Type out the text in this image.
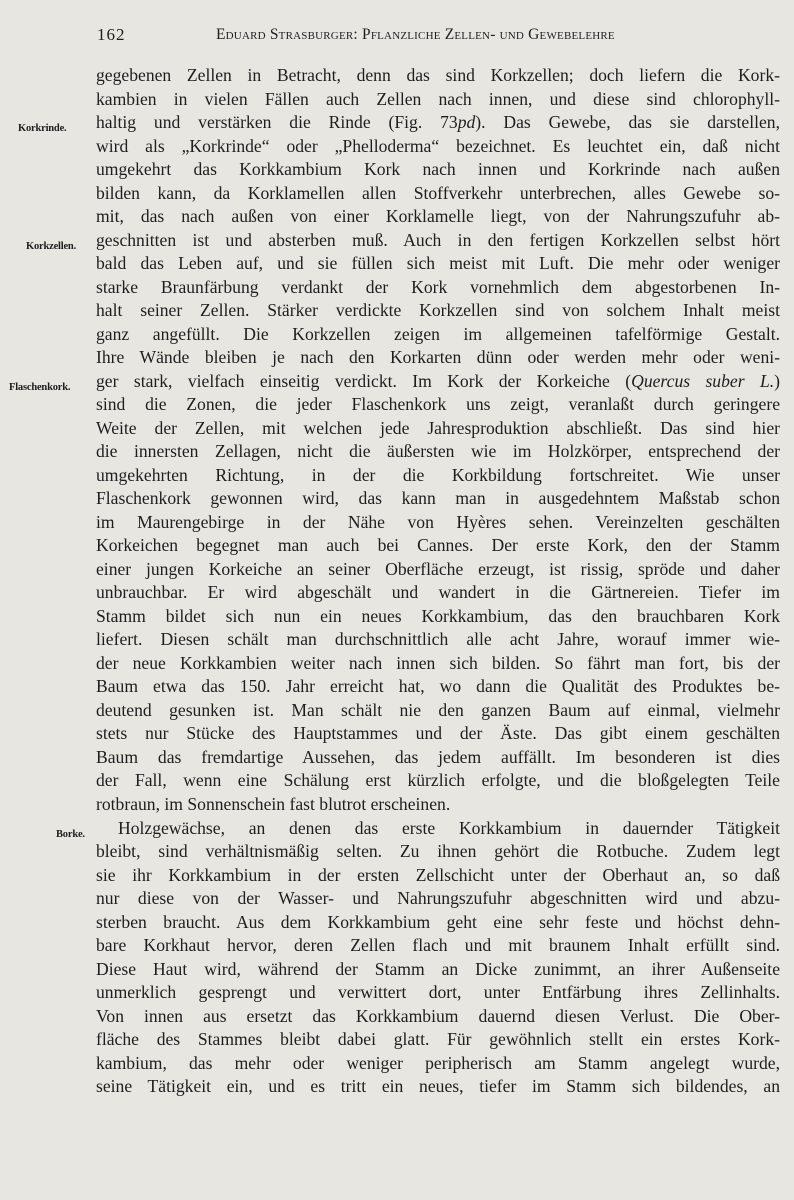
162	Eduard Strasburger: Pflanzliche Zellen- und Gewebelehre
Korkrinde.
Korkzellen.
Flaschenkork.
Borke.
gegebenen Zellen in Betracht, denn das sind Korkzellen; doch liefern die Kork-
kambien in vielen Fällen auch Zellen nach innen, und diese sind chlorophyll-
haltig und verstärken die Rinde (Fig. 73pd). Das Gewebe, das sie darstellen,
wird als „Korkrinde“ oder „Phelloderma“ bezeichnet. Es leuchtet ein, daß nicht
umgekehrt das Korkkambium Kork nach innen und Korkrinde nach außen
bilden kann, da Korklamellen allen Stoffverkehr unterbrechen, alles Gewebe so-
mit, das nach außen von einer Korklamelle liegt, von der Nahrungszufuhr ab-
geschnitten ist und absterben muß. Auch in den fertigen Korkzellen selbst hört
bald das Leben auf, und sie füllen sich meist mit Luft. Die mehr oder weniger
starke Braunfärbung verdankt der Kork vornehmlich dem abgestorbenen In-
halt seiner Zellen. Stärker verdickte Korkzellen sind von solchem Inhalt meist
ganz angefüllt. Die Korkzellen zeigen im allgemeinen tafelförmige Gestalt.
Ihre Wände bleiben je nach den Korkarten dünn oder werden mehr oder weni-
ger stark, vielfach einseitig verdickt. Im Kork der Korkeiche (Quercus suber L.)
sind die Zonen, die jeder Flaschenkork uns zeigt, veranlaßt durch geringere
Weite der Zellen, mit welchen jede Jahresproduktion abschließt. Das sind hier
die innersten Zellagen, nicht die äußersten wie im Holzkörper, entsprechend der
umgekehrten Richtung, in der die Korkbildung fortschreitet. Wie unser
Flaschenkork gewonnen wird, das kann man in ausgedehntem Maßstab schon
im Maurengebirge in der Nähe von Hyères sehen. Vereinzelten geschälten
Korkeichen begegnet man auch bei Cannes. Der erste Kork, den der Stamm
einer jungen Korkeiche an seiner Oberfläche erzeugt, ist rissig, spröde und daher
unbrauchbar. Er wird abgeschält und wandert in die Gärtnereien. Tiefer im
Stamm bildet sich nun ein neues Korkkambium, das den brauchbaren Kork
liefert. Diesen schält man durchschnittlich alle acht Jahre, worauf immer wie-
der neue Korkkambien weiter nach innen sich bilden. So fährt man fort, bis der
Baum etwa das 150. Jahr erreicht hat, wo dann die Qualität des Produktes be-
deutend gesunken ist. Man schält nie den ganzen Baum auf einmal, vielmehr
stets nur Stücke des Hauptstammes und der Äste. Das gibt einem geschälten
Baum das fremdartige Aussehen, das jedem auffällt. Im besonderen ist dies
der Fall, wenn eine Schälung erst kürzlich erfolgte, und die bloßgelegten Teile
rotbraun, im Sonnenschein fast blutrot erscheinen.
Holzgewächse, an denen das erste Korkkambium in dauernder Tätigkeit
bleibt, sind verhältnismäßig selten. Zu ihnen gehört die Rotbuche. Zudem legt
sie ihr Korkkambium in der ersten Zellschicht unter der Oberhaut an, so daß
nur diese von der Wasser- und Nahrungszufuhr abgeschnitten wird und abzu-
sterben braucht. Aus dem Korkkambium geht eine sehr feste und höchst dehn-
bare Korkhaut hervor, deren Zellen flach und mit braunem Inhalt erfüllt sind.
Diese Haut wird, während der Stamm an Dicke zunimmt, an ihrer Außenseite
unmerklich gesprengt und verwittert dort, unter Entfärbung ihres Zellinhalts.
Von innen aus ersetzt das Korkkambium dauernd diesen Verlust. Die Ober-
fläche des Stammes bleibt dabei glatt. Für gewöhnlich stellt ein erstes Kork-
kambium, das mehr oder weniger peripherisch am Stamm angelegt wurde,
seine Tätigkeit ein, und es tritt ein neues, tiefer im Stamm sich bildendes, an
